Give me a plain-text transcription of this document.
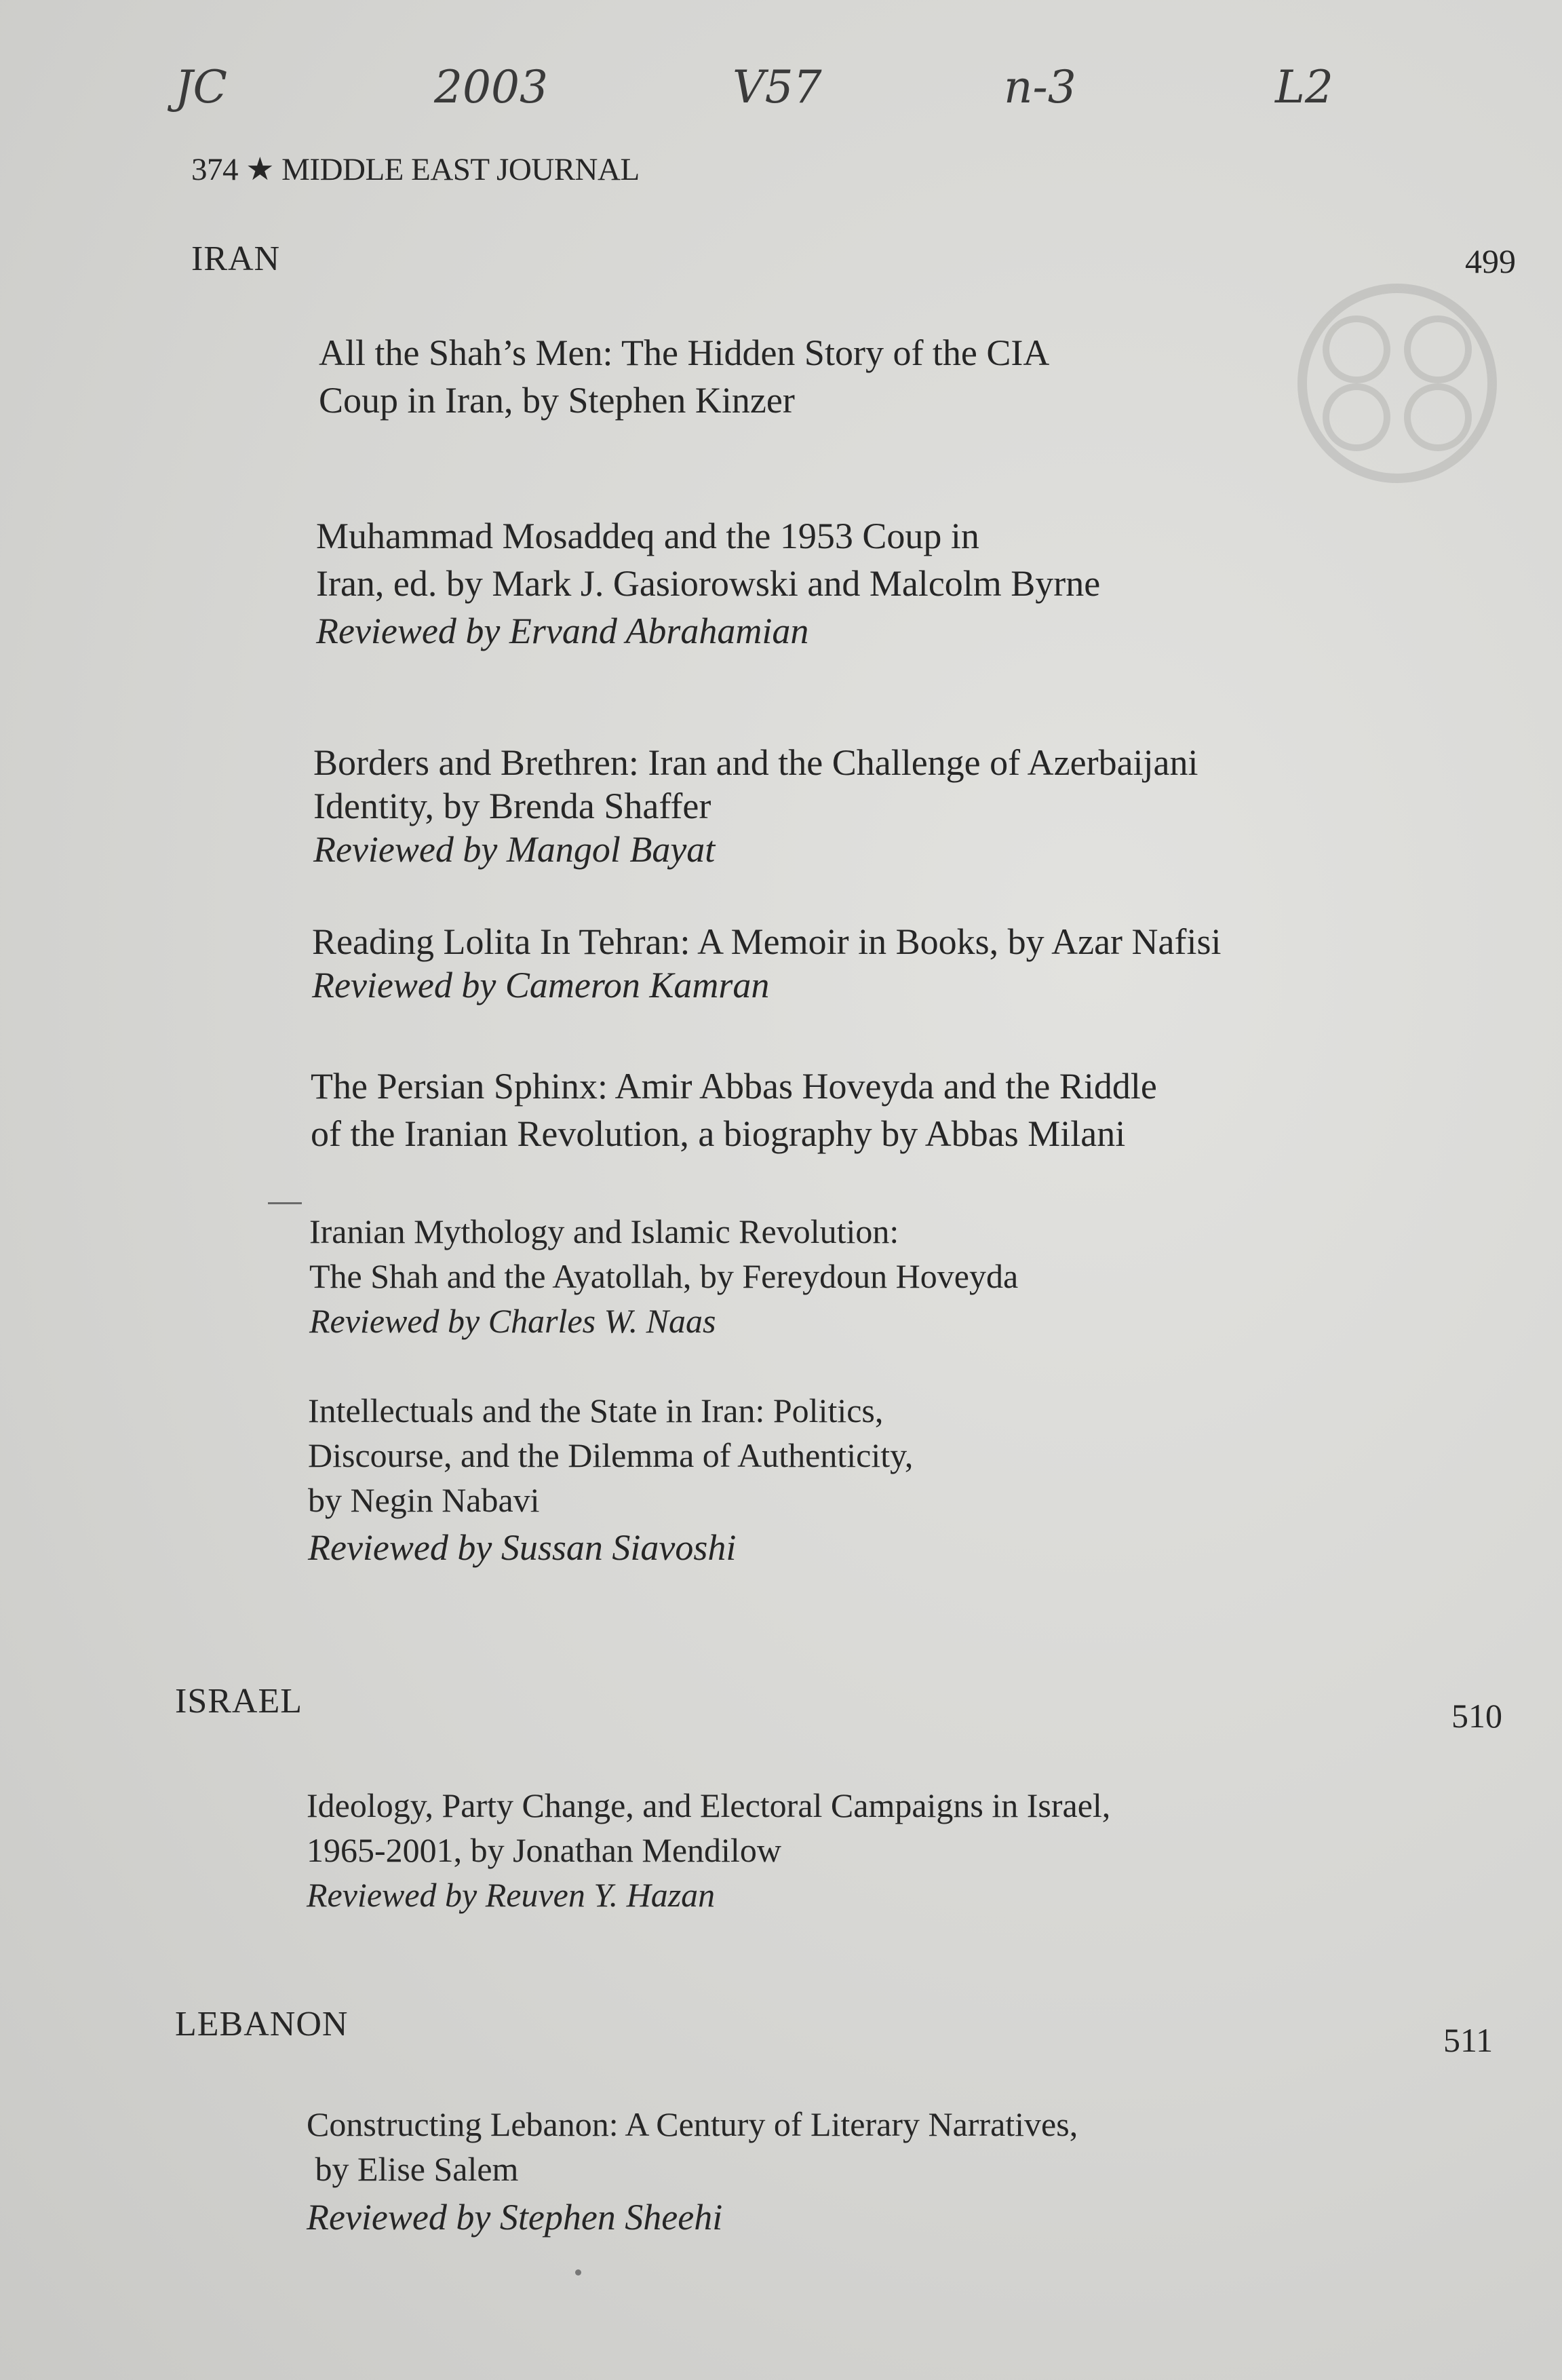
JC	2003	V57	n-3	L2
374 ★ MIDDLE EAST JOURNAL
IRAN	499
All the Shah’s Men: The Hidden Story of the CIA
Coup in Iran, by Stephen Kinzer
Muhammad Mosaddeq and the 1953 Coup in
Iran, ed. by Mark J. Gasiorowski and Malcolm Byrne
Reviewed by Ervand Abrahamian
Borders and Brethren: Iran and the Challenge of Azerbaijani
Identity, by Brenda Shaffer
Reviewed by Mangol Bayat
Reading Lolita In Tehran: A Memoir in Books, by Azar Nafisi
Reviewed by Cameron Kamran
The Persian Sphinx: Amir Abbas Hoveyda and the Riddle
of the Iranian Revolution, a biography by Abbas Milani
Iranian Mythology and Islamic Revolution:
The Shah and the Ayatollah, by Fereydoun Hoveyda
Reviewed by Charles W. Naas
Intellectuals and the State in Iran: Politics,
Discourse, and the Dilemma of Authenticity,
by Negin Nabavi
Reviewed by Sussan Siavoshi
ISRAEL	510
Ideology, Party Change, and Electoral Campaigns in Israel,
1965-2001, by Jonathan Mendilow
Reviewed by Reuven Y. Hazan
LEBANON	511
Constructing Lebanon: A Century of Literary Narratives,
by Elise Salem
Reviewed by Stephen Sheehi
